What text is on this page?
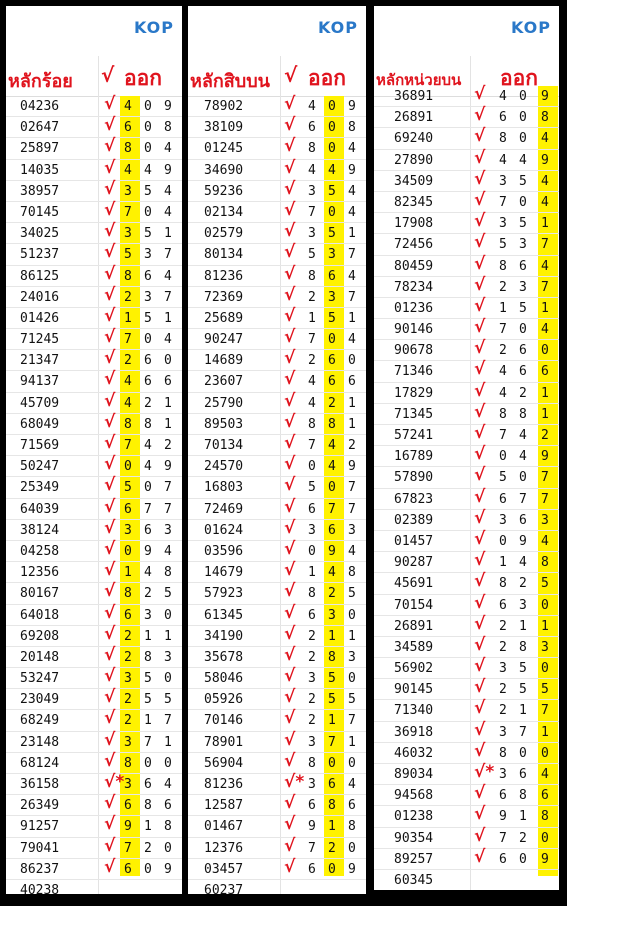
KOP
หลักร้อย √ ออก
04236	√ 4 0 9
02647	√ 6 0 8
25897	√ 8 0 4
14035	√ 4 4 9
38957	√ 3 5 4
70145	√ 7 0 4
34025	√ 3 5 1
51237	√ 5 3 7
86125	√ 8 6 4
24016	√ 2 3 7
01426	√ 1 5 1
71245	√ 7 0 4
21347	√ 2 6 0
94137	√ 4 6 6
45709	√ 4 2 1
68049	√ 8 8 1
71569	√ 7 4 2
50247	√ 0 4 9
25349	√ 5 0 7
64039	√ 6 7 7
38124	√ 3 6 3
04258	√ 0 9 4
12356	√ 1 4 8
80167	√ 8 2 5
64018	√ 6 3 0
69208	√ 2 1 1
20148	√ 2 8 3
53247	√ 3 5 0
23049	√ 2 5 5
68249	√ 2 1 7
23148	√ 3 7 1
68124	√ 8 0 0
36158	√* 3 6 4
26349	√ 6 8 6
91257	√ 9 1 8
79041	√ 7 2 0
86237	√ 6 0 9
40238
KOP
หลักสิบบน √ ออก
78902 √ 4 0 9
38109 √ 6 0 8
01245 √ 8 0 4
34690 √ 4 4 9
59236 √ 3 5 4
02134 √ 7 0 4
02579 √ 3 5 1
80134 √ 5 3 7
81236 √ 8 6 4
72369 √ 2 3 7
25689 √ 1 5 1
90247 √ 7 0 4
14689 √ 2 6 0
23607 √ 4 6 6
25790 √ 4 2 1
89503 √ 8 8 1
70134 √ 7 4 2
24570 √ 0 4 9
16803 √ 5 0 7
72469 √ 6 7 7
01624 √ 3 6 3
03596 √ 0 9 4
14679 √ 1 4 8
57923 √ 8 2 5
61345 √ 6 3 0
34190 √ 2 1 1
35678 √ 2 8 3
58046 √ 3 5 0
05926 √ 2 5 5
70146 √ 2 1 7
78901 √ 3 7 1
56904 √ 8 0 0
81236 √* 3 6 4
12587 √ 6 8 6
01467 √ 9 1 8
12376 √ 7 2 0
03457 √ 6 0 9
60237
KOP
หลักหน่วยบน ออก
36891 √ 4 0 9
26891 √ 6 0 8
69240 √ 8 0 4
27890 √ 4 4 9
34509 √ 3 5 4
82345 √ 7 0 4
17908 √ 3 5 1
72456 √ 5 3 7
80459 √ 8 6 4
78234 √ 2 3 7
01236 √ 1 5 1
90146 √ 7 0 4
90678 √ 2 6 0
71346 √ 4 6 6
17829 √ 4 2 1
71345 √ 8 8 1
57241 √ 7 4 2
16789 √ 0 4 9
57890 √ 5 0 7
67823 √ 6 7 7
02389 √ 3 6 3
01457 √ 0 9 4
90287 √ 1 4 8
45691 √ 8 2 5
70154 √ 6 3 0
26891 √ 2 1 1
34589 √ 2 8 3
56902 √ 3 5 0
90145 √ 2 5 5
71340 √ 2 1 7
36918 √ 3 7 1
46032 √ 8 0 0
89034 √* 3 6 4
94568 √ 6 8 6
01238 √ 9 1 8
90354 √ 7 2 0
89257 √ 6 0 9
60345
